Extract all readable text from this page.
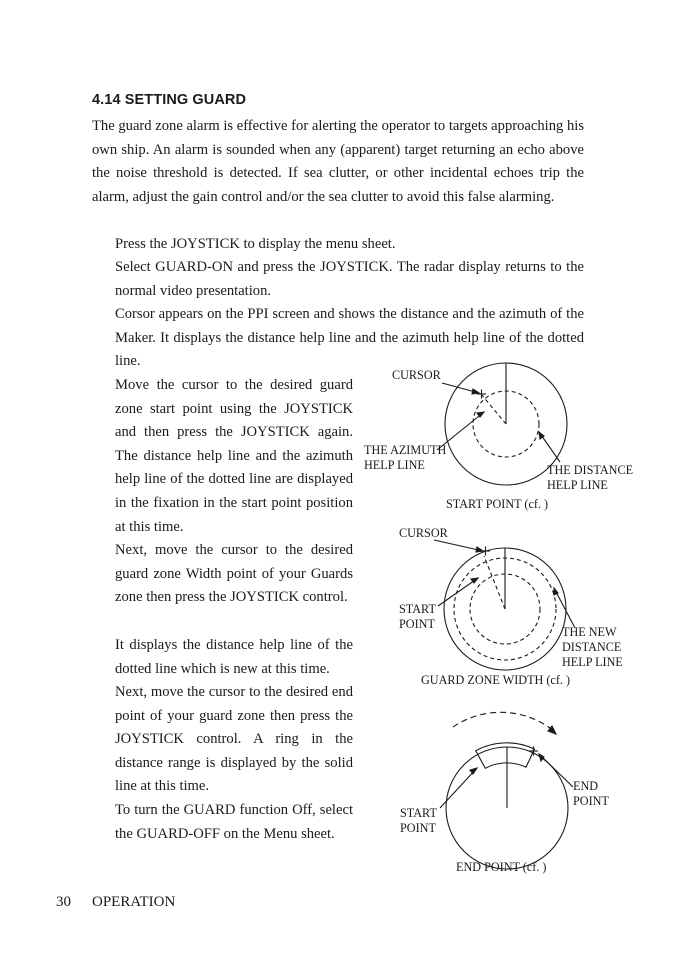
4.14 SETTING GUARD

The guard zone alarm is effective for alerting the operator to targets approaching his own ship. An alarm is sounded when any (apparent) target returning an echo above the noise threshold is detected. If sea clutter, or other incidental echoes trip the alarm, adjust the gain control and/or the sea clutter to avoid this false alarming.

Press the JOYSTICK to display the menu sheet.

Select GUARD-ON and press the JOYSTICK. The radar display returns to the normal video presentation.

Corsor appears on the PPI screen and shows the distance and the azimuth of the Maker. It displays the distance help line and the azimuth help line of the dotted line.

Move the cursor to the desired guard zone start point using the JOYSTICK and then press the JOYSTICK again. The distance help line and the azimuth help line of the dotted line are displayed in the fixation in the start point position at this time.

Next, move the cursor to the desired guard zone Width point of your Guards zone then press the JOYSTICK control.

It displays the distance help line of the dotted line which is new at this time.

Next, move the cursor to the desired end point of your guard zone then press the JOYSTICK control. A ring in the distance range is displayed by the solid line at this time.

To turn the GUARD function Off, select the GUARD-OFF on the Menu sheet.

CURSOR
THE AZIMUTH
HELP LINE	THE DISTANCE
HELP LINE
START POINT (cf. )
CURSOR
START
POINT
THE NEW
DISTANCE
HELP LINE
GUARD ZONE WIDTH (cf. )
END
POINT
START
POINT
END POINT (cf. )
30 OPERATION
